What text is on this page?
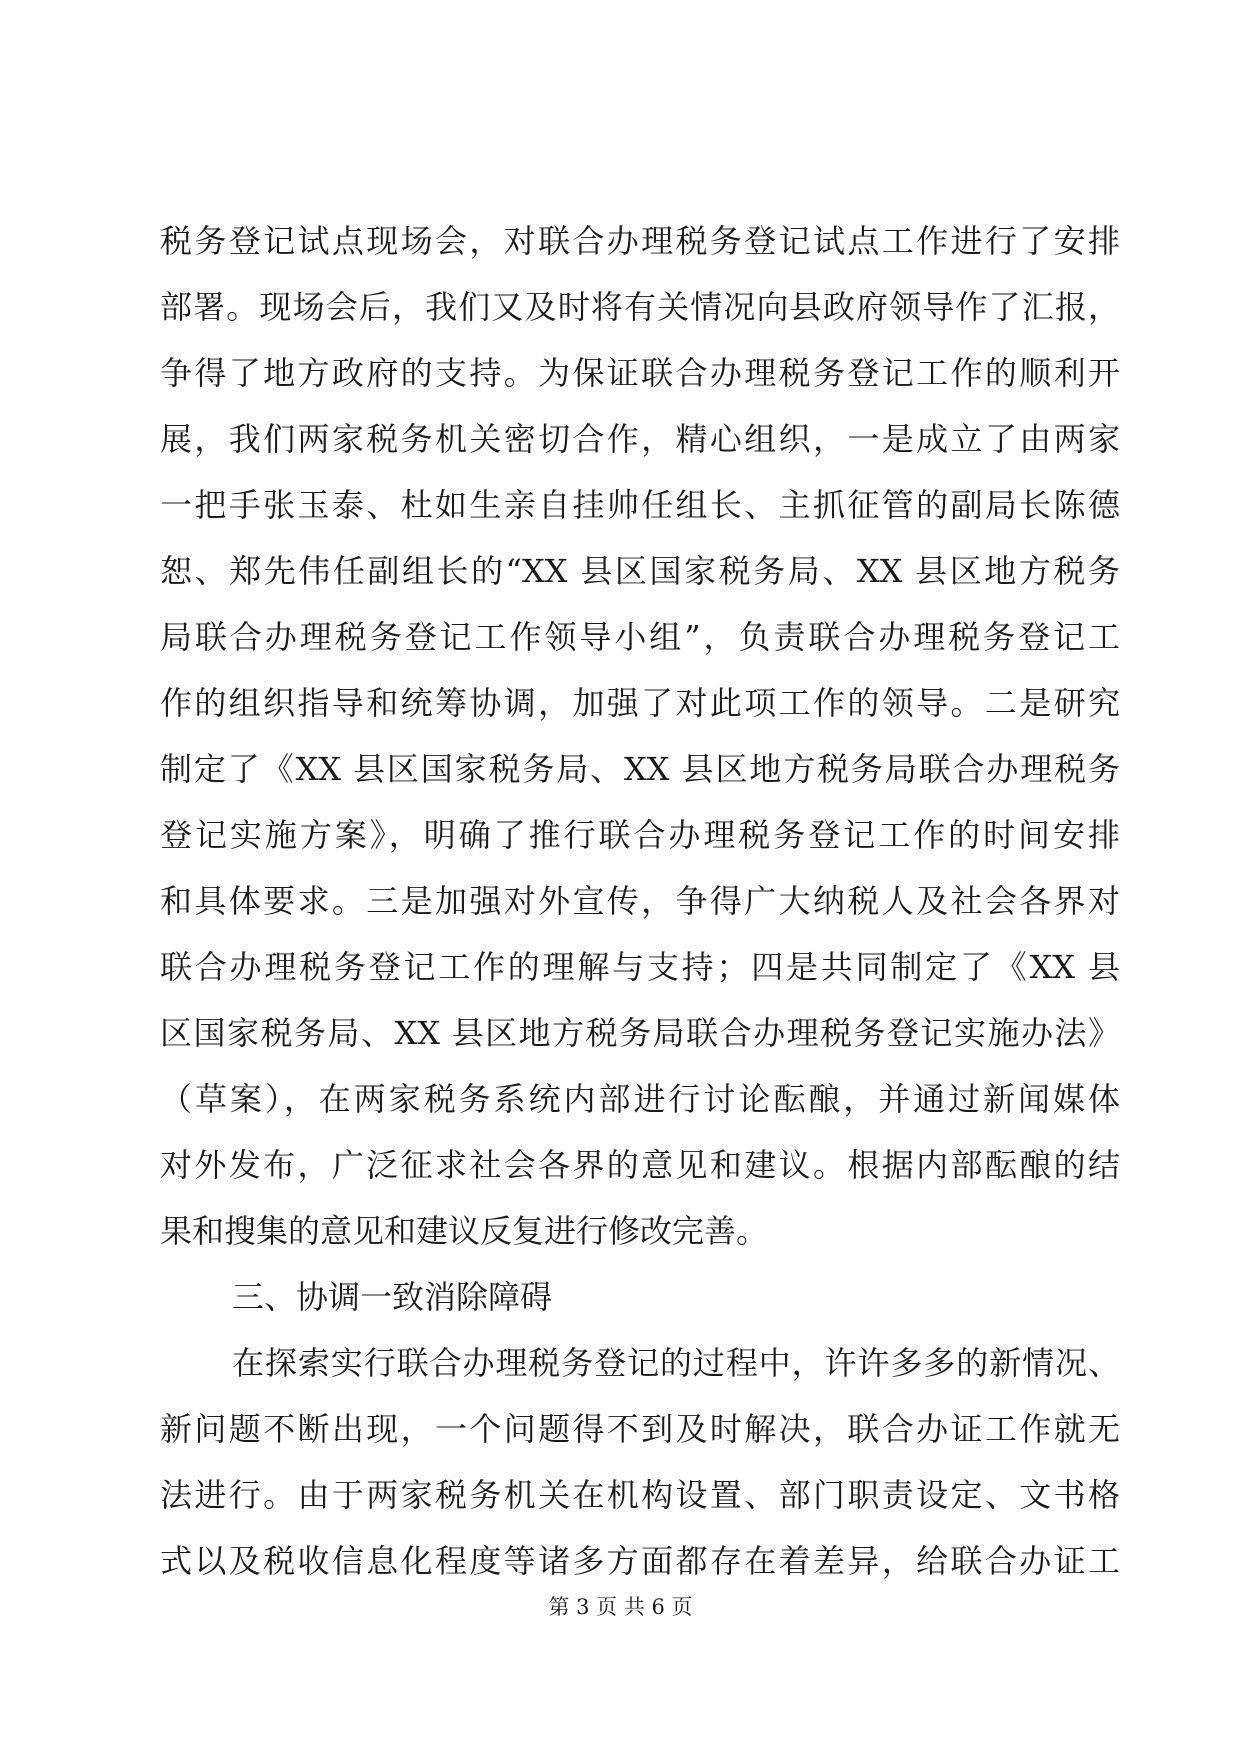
税务登记试点现场会，对联合办理税务登记试点工作进行了安排
部署。现场会后，我们又及时将有关情况向县政府领导作了汇报，
争得了地方政府的支持。为保证联合办理税务登记工作的顺利开
展，我们两家税务机关密切合作，精心组织，一是成立了由两家
一把手张玉泰、杜如生亲自挂帅任组长、主抓征管的副局长陈德
恕、郑先伟任副组长的“XX 县区国家税务局、XX 县区地方税务
局联合办理税务登记工作领导小组”，负责联合办理税务登记工
作的组织指导和统筹协调，加强了对此项工作的领导。二是研究
制定了《XX 县区国家税务局、XX 县区地方税务局联合办理税务
登记实施方案》，明确了推行联合办理税务登记工作的时间安排
和具体要求。三是加强对外宣传，争得广大纳税人及社会各界对
联合办理税务登记工作的理解与支持；四是共同制定了《XX 县
区国家税务局、XX 县区地方税务局联合办理税务登记实施办法》
（草案），在两家税务系统内部进行讨论酝酿，并通过新闻媒体
对外发布，广泛征求社会各界的意见和建议。根据内部酝酿的结
果和搜集的意见和建议反复进行修改完善。
三、协调一致消除障碍
在探索实行联合办理税务登记的过程中，许许多多的新情况、
新问题不断出现，一个问题得不到及时解决，联合办证工作就无
法进行。由于两家税务机关在机构设置、部门职责设定、文书格
式以及税收信息化程度等诸多方面都存在着差异，给联合办证工
第 3 页 共 6 页
